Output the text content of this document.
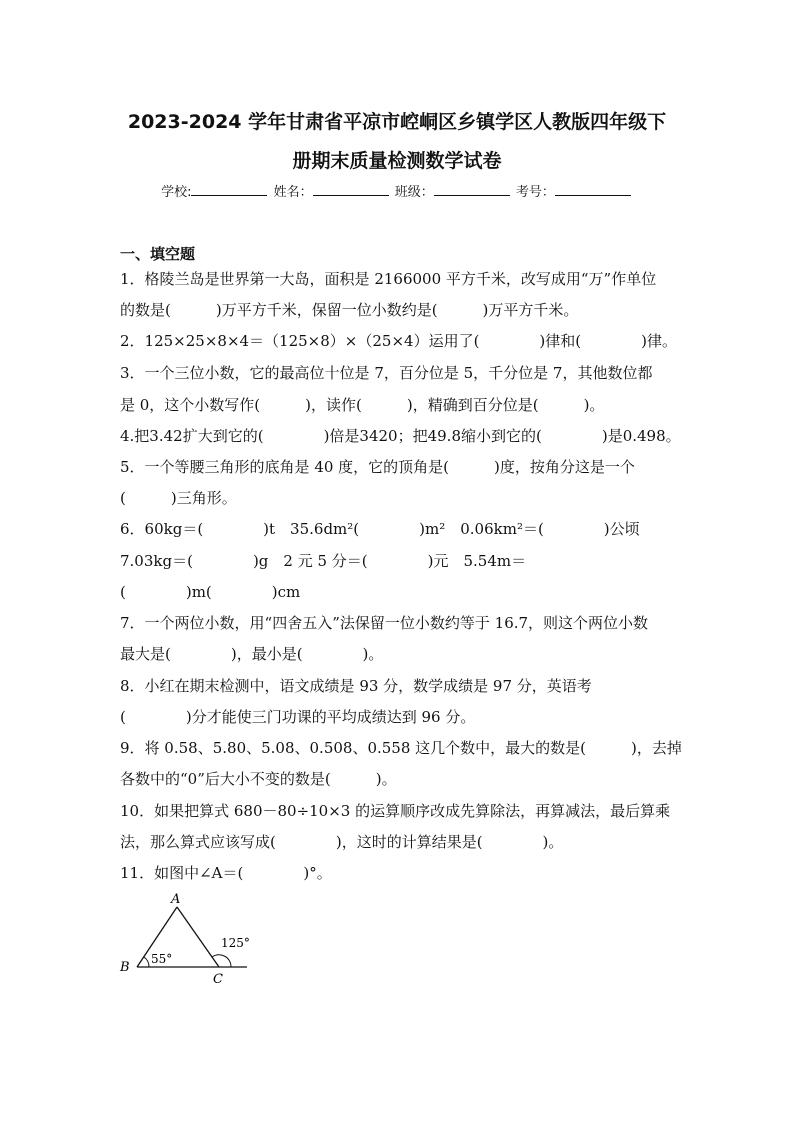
2023-2024 学年甘肃省平凉市崆峒区乡镇学区人教版四年级下
册期末质量检测数学试卷
学校:	姓名：	班级：	考号：
一、填空题
1．格陵兰岛是世界第一大岛，面积是 2166000 平方千米，改写成用“万”作单位
的数是(　　　)万平方千米，保留一位小数约是(　　　)万平方千米。
2．125×25×8×4＝（125×8）×（25×4）运用了(　　　　)律和(　　　　)律。
3．一个三位小数，它的最高位十位是 7，百分位是 5，千分位是 7，其他数位都
是 0，这个小数写作(　　　)，读作(　　　)，精确到百分位是(　　　)。
4.把3.42扩大到它的(　　　　)倍是3420；把49.8缩小到它的(　　　　)是0.498。
5．一个等腰三角形的底角是 40 度，它的顶角是(　　　)度，按角分这是一个
(　　　)三角形。
6．60kg＝(　　　　)t　35.6dm²(　　　　)m²　0.06km²＝(　　　　)公顷
7.03kg＝(　　　　)g　2 元 5 分＝(　　　　)元　5.54m＝
(　　　　)m(　　　　)cm
7．一个两位小数，用“四舍五入”法保留一位小数约等于 16.7，则这个两位小数
最大是(　　　　)，最小是(　　　　)。
8．小红在期末检测中，语文成绩是 93 分，数学成绩是 97 分，英语考
(　　　　)分才能使三门功课的平均成绩达到 96 分。
9．将 0.58、5.80、5.08、0.508、0.558 这几个数中，最大的数是(　　　)，去掉
各数中的“0”后大小不变的数是(　　　)。
10．如果把算式 680－80÷10×3 的运算顺序改成先算除法，再算减法，最后算乘
法，那么算式应该写成(　　　　)，这时的计算结果是(　　　　)。
11．如图中∠A＝(　　　　)°。
A
B
C
55°
125°
